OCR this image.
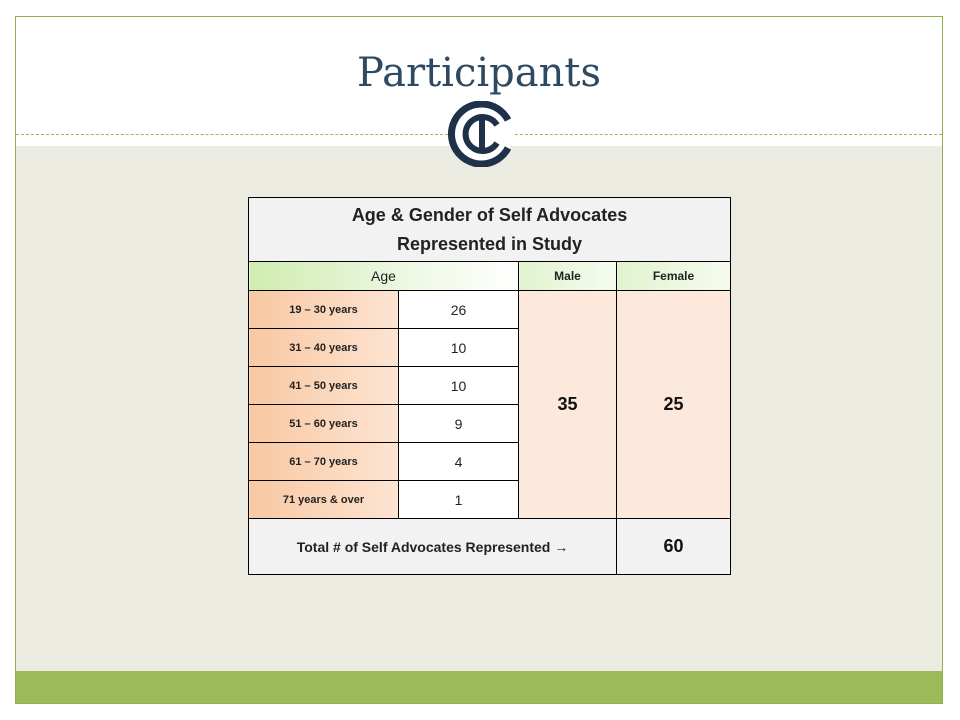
Participants
Age & Gender of Self Advocates
Represented in Study			

Age		Male	Female
19 – 30 years	26	35	25
31 – 40 years	10		
41 – 50 years	10		
51 – 60 years	9		
61 – 70 years	4		
71 years & over	1		
Total # of Self Advocates Represented →			60
